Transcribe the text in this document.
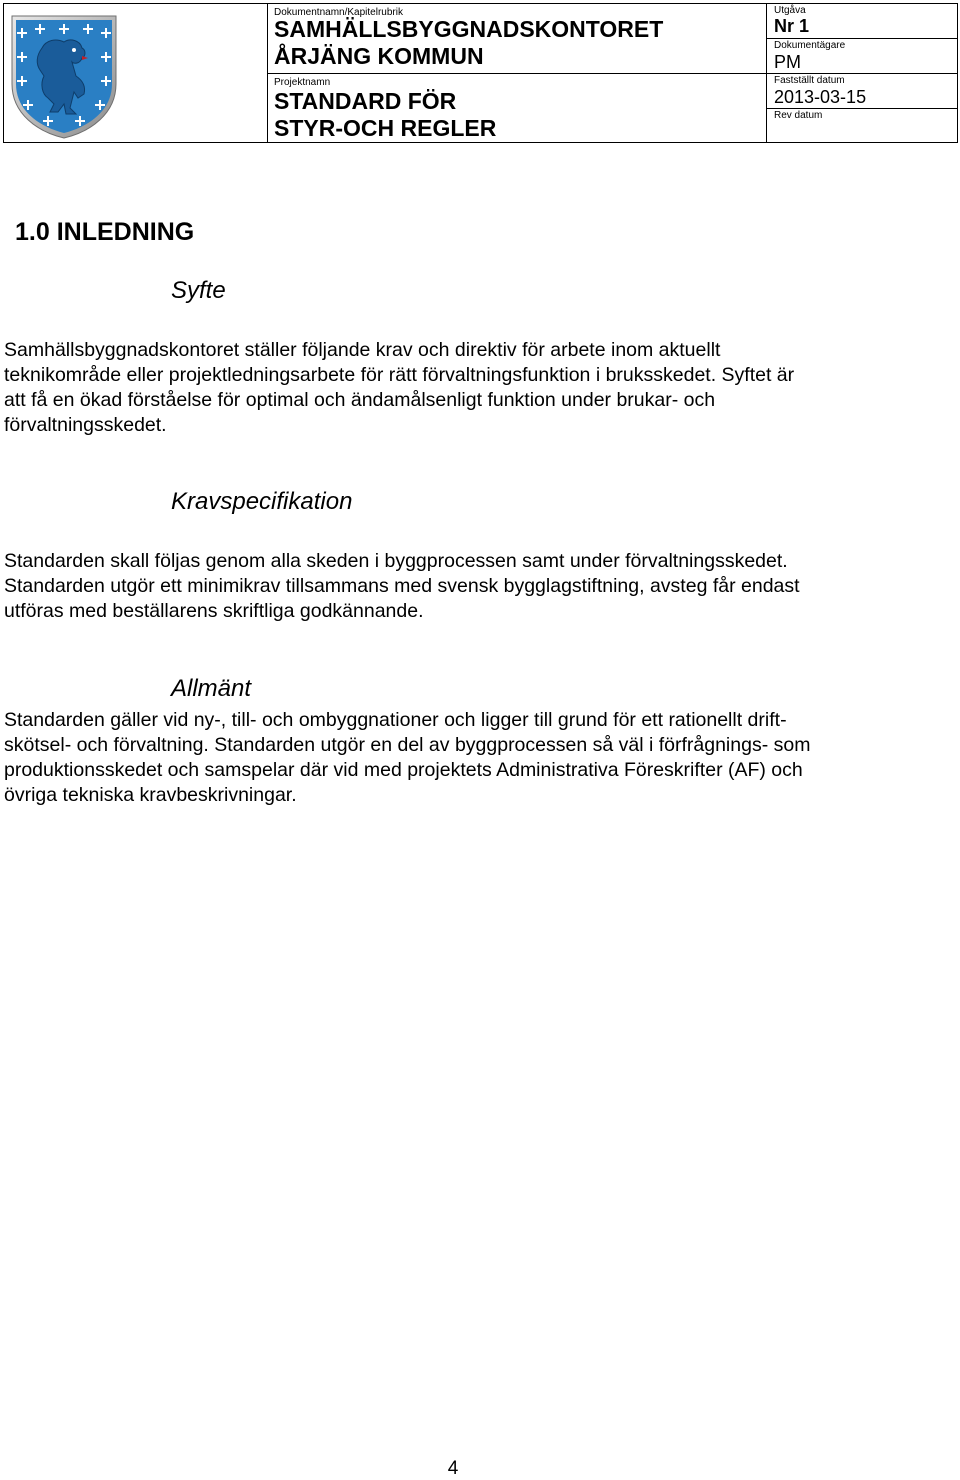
Dokumentnamn/Kapitelrubrik
SAMHÄLLSBYGGNADSKONTORET
ÅRJÄNG KOMMUN
Projektnamn
STANDARD FÖR
STYR-OCH REGLER
Utgåva
Nr 1
Dokumentägare
PM
Fastställt datum
2013-03-15
Rev datum
1.0 INLEDNING
Syfte
Samhällsbyggnadskontoret ställer följande krav och direktiv för arbete inom aktuellt
teknikområde eller projektledningsarbete för rätt förvaltningsfunktion i bruksskedet. Syftet är
att få en ökad förståelse för optimal och ändamålsenligt funktion under brukar- och
förvaltningsskedet.
Kravspecifikation
Standarden skall följas genom alla skeden i byggprocessen samt under förvaltningsskedet.
Standarden utgör ett minimikrav tillsammans med svensk bygglagstiftning, avsteg får endast
utföras med beställarens skriftliga godkännande.
Allmänt
Standarden gäller vid ny-, till- och ombyggnationer och ligger till grund för ett rationellt drift-
skötsel- och förvaltning. Standarden utgör en del av byggprocessen så väl i förfrågnings- som
produktionsskedet och samspelar där vid med projektets Administrativa Föreskrifter (AF) och
övriga tekniska kravbeskrivningar.
4
